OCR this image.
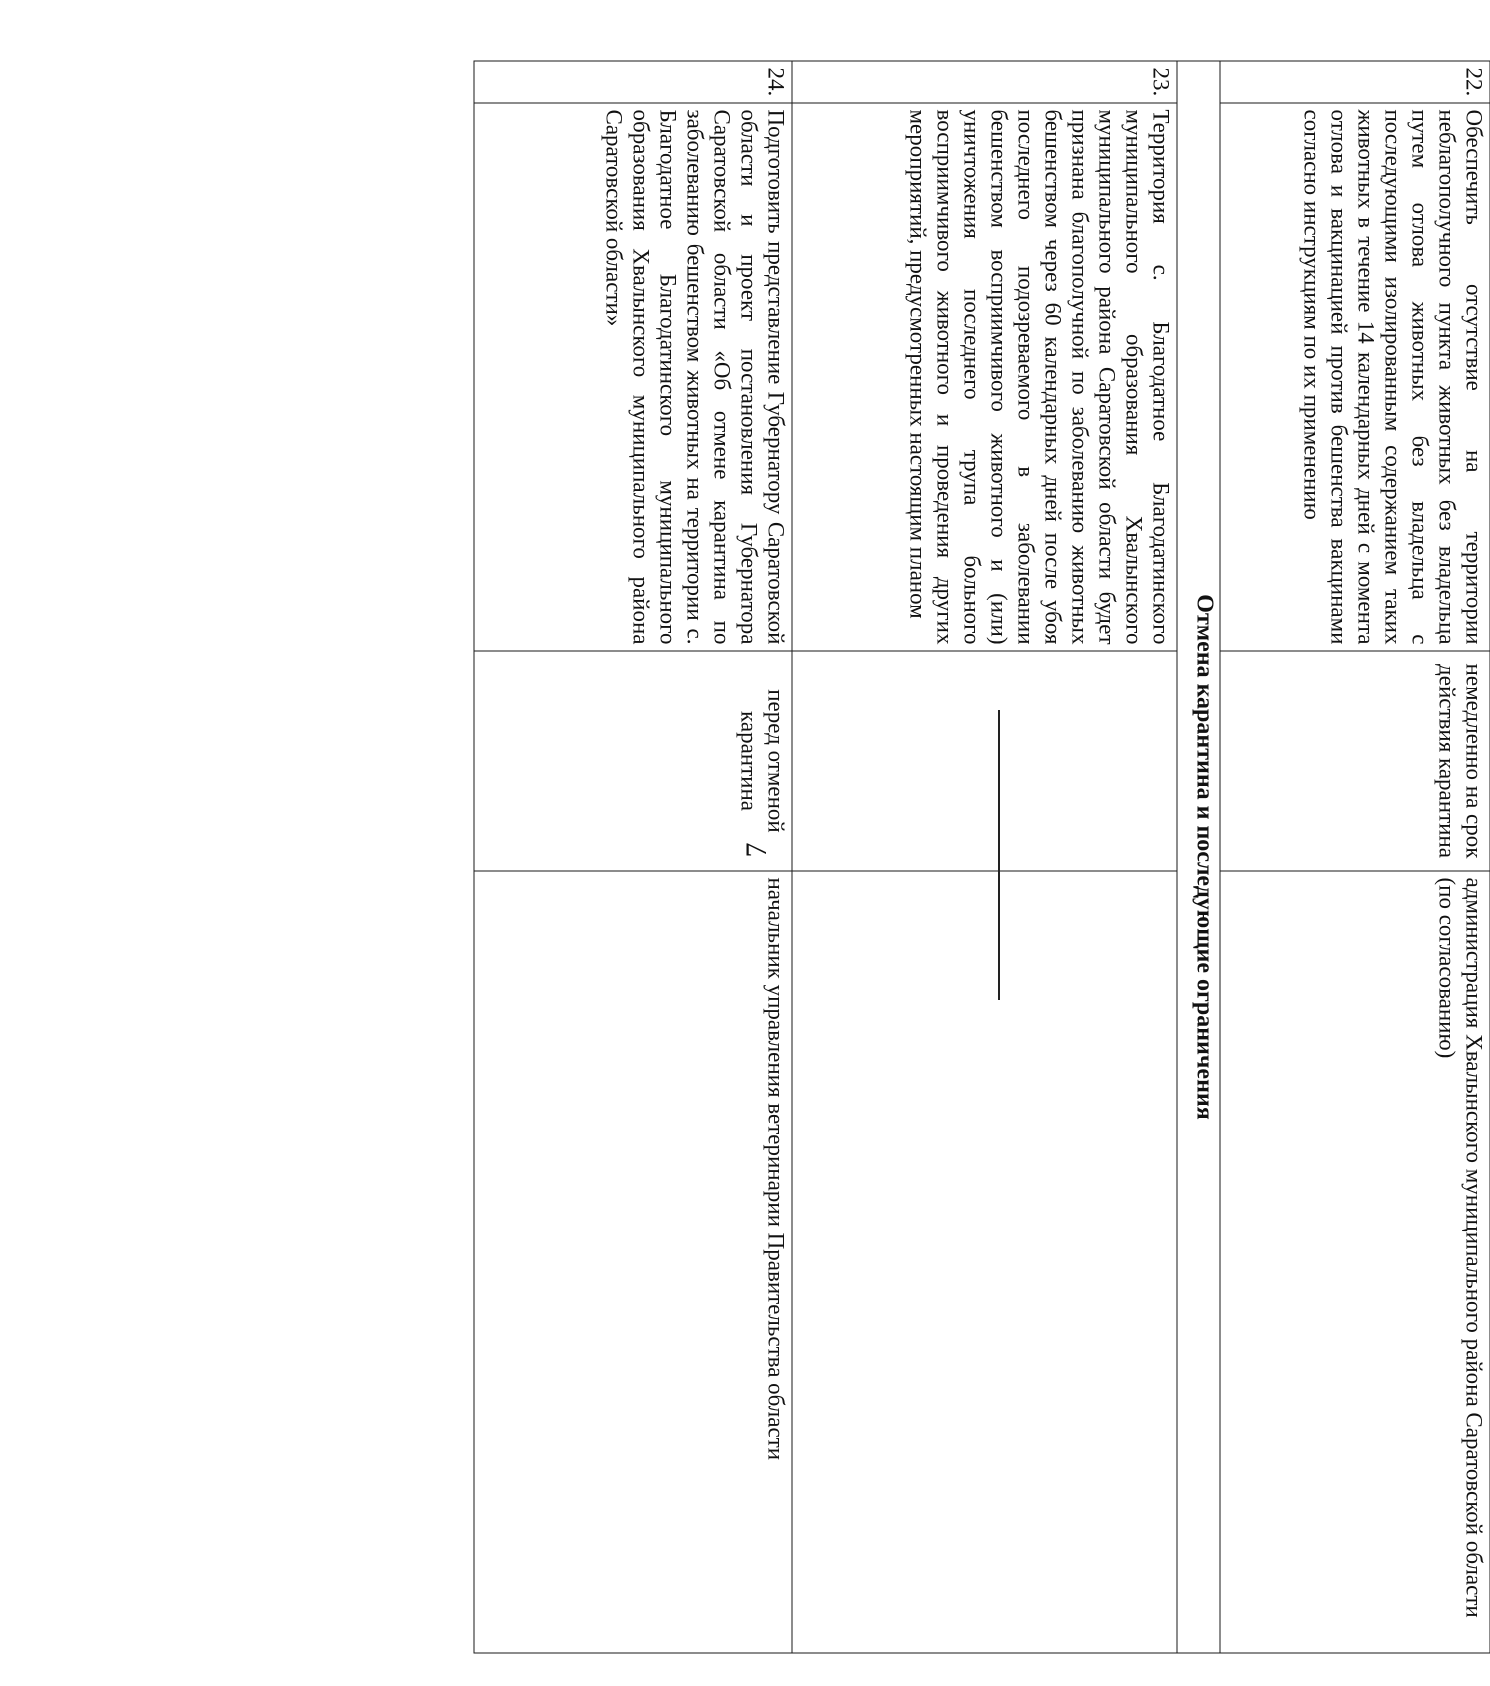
7
22.	Обеспечить отсутствие на территории неблагополучного пункта животных без владельца путем отлова животных без владельца с последующими изолированным содержанием таких животных в течение 14 календарных дней с момента отлова и вакцинацией против бешенства вакцинами согласно инструкциям по их применению	немедленно на срок действия карантина	администрация Хвалынского муниципального района Саратовской области (по согласованию)
Отмена карантина и последующие ограничения			
23.	Территория с. Благодатное Благодатинского муниципального образования Хвалынского муниципального района Саратовской области будет признана благополучной по заболеванию животных бешенством через 60 календарных дней после убоя последнего подозреваемого в заболевании бешенством восприимчивого животного и (или) уничтожения последнего трупа больного восприимчивого животного и проведения других мероприятий, предусмотренных настоящим планом		
24.	Подготовить представление Губернатору Саратовской области и проект постановления Губернатора Саратовской области «Об отмене карантина по заболеванию бешенством животных на территории с. Благодатное Благодатинского муниципального образования Хвалынского муниципального района Саратовской области»	перед отменой карантина	начальник управления ветеринарии Правительства области
